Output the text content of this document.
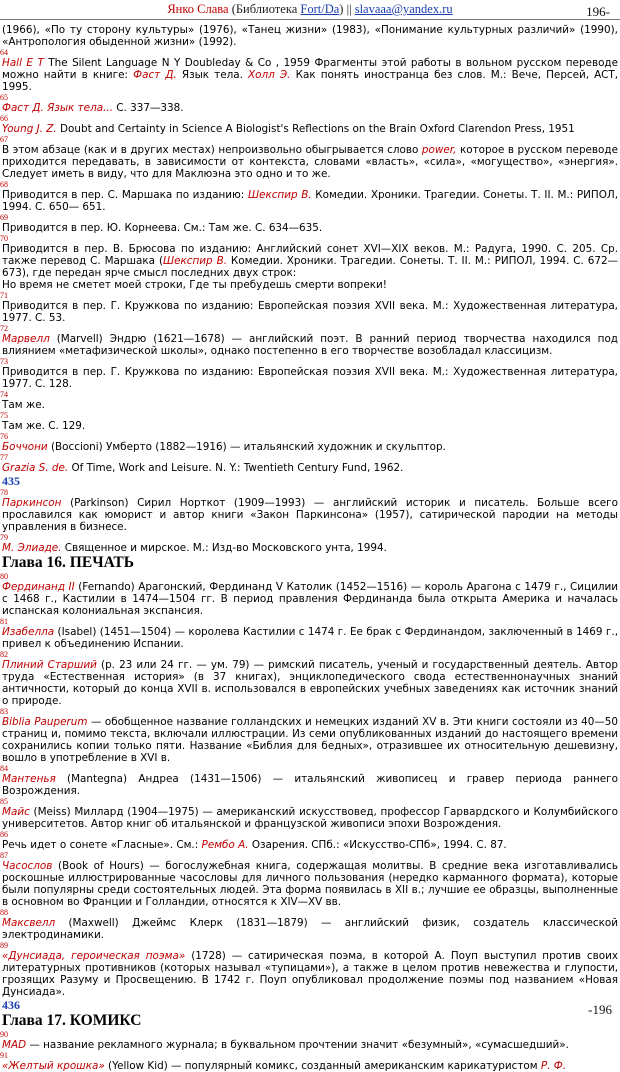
Янко Слава (Библиотека Fort/Da) || slavaaa@yandex.ru	196-

(1966), «По ту сторону культуры» (1976), «Танец жизни» (1983), «Понимание культурных различий» (1990), «Антропология обыденной жизни» (1992).

64

Hall E T The Silent Language N Y Doubleday & Co , 1959 Фрагменты этой работы в вольном русском переводе можно найти в книге: Фаст Д. Язык тела. Холл Э. Как понять иностранца без слов. М.: Вече, Персей, ACT, 1995.

65

Фаст Д. Язык тела... С. 337—338.

66

Young J. Z. Doubt and Certainty in Science A Biologist's Reflections on the Brain Oxford Clarendon Press, 1951

67

В этом абзаце (как и в других местах) непроизвольно обыгрывается слово power, которое в русском переводе приходится передавать, в зависимости от контекста, словами «власть», «сила», «могущество», «энергия». Следует иметь в виду, что для Маклюэна это одно и то же.

68

Приводится в пер. С. Маршака по изданию: Шекспир В. Комедии. Хроники. Трагедии. Сонеты. Т. II. М.: РИПОЛ, 1994. С. 650— 651.

69

Приводится в пер. Ю. Корнеева. См.: Там же. С. 634—635.

70

Приводится в пер. В. Брюсова по изданию: Английский сонет XVI—XIX веков. М.: Радуга, 1990. С. 205. Ср. также перевод С. Маршака (Шекспир В. Комедии. Хроники. Трагедии. Сонеты. Т. II. М.: РИПОЛ, 1994. С. 672—673), где передан ярче смысл последних двух строк:

Но время не сметет моей строки, Где ты пребудешь смерти вопреки!

71

Приводится в пер. Г. Кружкова по изданию: Европейская поэзия XVII века. М.: Художественная литература, 1977. С. 53.

72

Марвелл (Marvell) Эндрю (1621—1678) — английский поэт. В ранний период творчества находился под влиянием «метафизической школы», однако постепенно в его творчестве возобладал классицизм.

73

Приводится в пер. Г. Кружкова по изданию: Европейская поэзия XVII века. М.: Художественная литература, 1977. С. 128.

74

Там же.

75

Там же. С. 129.

76

Боччони (Boccioni) Умберто (1882—1916) — итальянский художник и скульптор.

77

Grazia S. de. Of Time, Work and Leisure. N. Y.: Twentieth Century Fund, 1962.

435
78

Паркинсон (Parkinson) Сирил Норткот (1909—1993) — английский историк и писатель. Больше всего прославился как юморист и автор книги «Закон Паркинсона» (1957), сатирической пародии на методы управления в бизнесе.

79

М. Элиаде. Священное и мирское. М.: Изд-во Московского унта, 1994.

Глава 16. ПЕЧАТЬ
80

Фердинанд II (Fernando) Арагонский, Фердинанд V Католик (1452—1516) — король Арагона с 1479 г., Сицилии с 1468 г., Кастилии в 1474—1504 гг. В период правления Фердинанда была открыта Америка и началась испанская колониальная экспансия.

81

Изабелла (Isabel) (1451—1504) — королева Кастилии с 1474 г. Ее брак с Фердинандом, заключенный в 1469 г., привел к объединению Испании.

82

Плиний Старший (р. 23 или 24 гг. — ум. 79) — римский писатель, ученый и государственный деятель. Автор труда «Естественная история» (в 37 книгах), энциклопедического свода естественнонаучных знаний античности, который до конца XVII в. использовался в европейских учебных заведениях как источник знаний о природе.

83

Biblia Pauperum — обобщенное название голландских и немецких изданий XV в. Эти книги состояли из 40—50 страниц и, помимо текста, включали иллюстрации. Из семи опубликованных изданий до настоящего времени сохранились копии только пяти. Название «Библия для бедных», отразившее их относительную дешевизну, вошло в употребление в XVI в.

84

Мантенья (Mantegna) Андреа (1431—1506) — итальянский живописец и гравер периода раннего Возрождения.

85

Майс (Meiss) Миллард (1904—1975) — американский искусствовед, профессор Гарвардского и Колумбийского университетов. Автор книг об итальянской и французской живописи эпохи Возрождения.

86

Речь идет о сонете «Гласные». См.: Рембо А. Озарения. СПб.: «Искусство-СПб», 1994. С. 87.

87

Часослов (Book of Hours) — богослужебная книга, содержащая молитвы. В средние века изготавливались роскошные иллюстрированные часословы для личного пользования (нередко карманного формата), которые были популярны среди состоятельных людей. Эта форма появилась в XII в.; лучшие ее образцы, выполненные в основном во Франции и Голландии, относятся к XIV—XV вв.

88

Максвелл (Maxwell) Джеймс Клерк (1831—1879) — английский физик, создатель классической электродинамики.

89

«Дунсиада, героическая поэма» (1728) — сатирическая поэма, в которой А. Поуп выступил против своих литературных противников (которых называл «тупицами»), а также в целом против невежества и глупости, грозящих Разуму и Просвещению. В 1742 г. Поуп опубликовал продолжение поэмы под названием «Новая Дунсиада».

436
Глава 17. КОМИКС
90

MAD — название рекламного журнала; в буквальном прочтении значит «безумный», «сумасшедший».

91

«Желтый крошка» (Yellow Kid) — популярный комикс, созданный американским карикатуристом Р. Ф.

-196
